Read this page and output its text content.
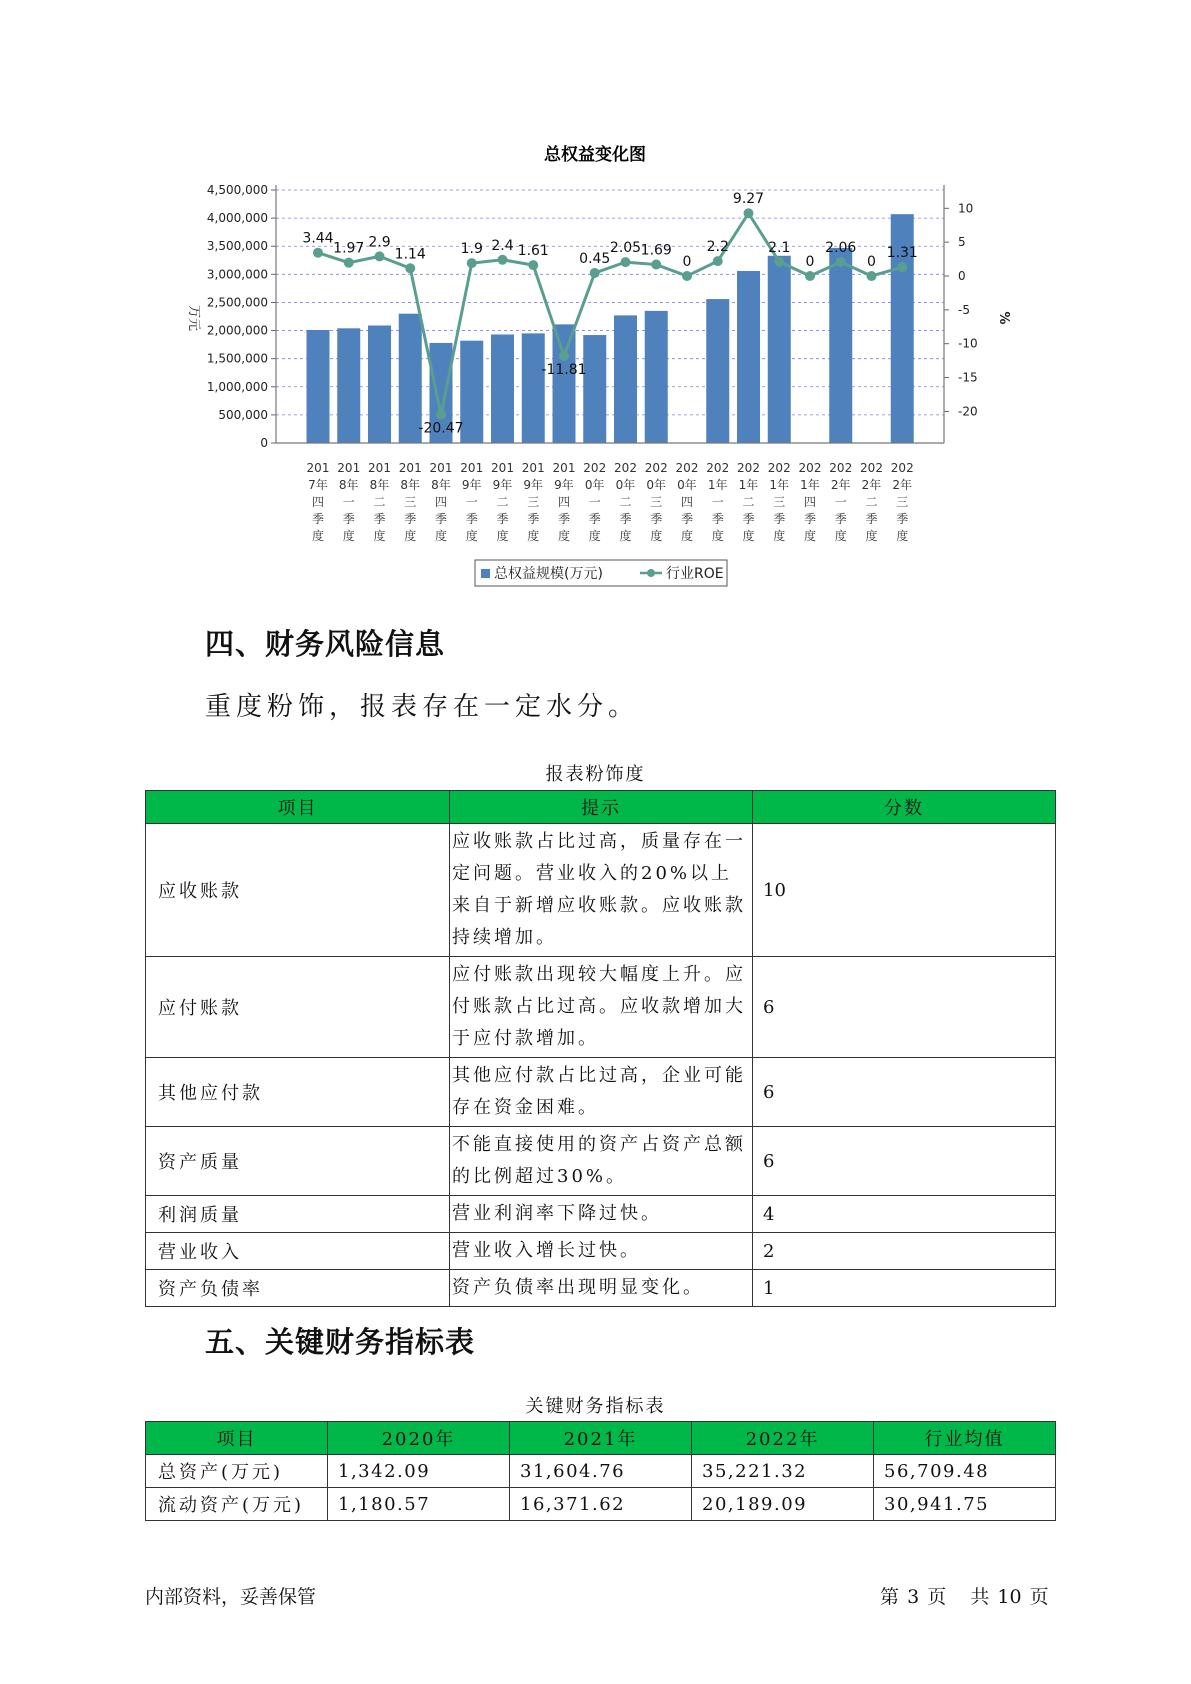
总权益变化图
4,500,000
4,000,000
3,500,000
3,000,000
2,500,000
2,000,000
1,500,000
1,000,000
500,000
0
10
5
0
-5
-10
-15
-20
万元	%
201 7年四季度
201 8年一季度
201 8年二季度
201 8年三季度
201 8年四季度
201 9年一季度
201 9年二季度
201 9年三季度
201 9年四季度
202 0年一季度
202 0年二季度
202 0年三季度
202 0年四季度
202 1年一季度
202 1年二季度
202 1年三季度
202 1年四季度
202 2年一季度
202 2年二季度
202 2年三季度
3.44
1.97 2.9
1.14
-20.47
1.9 2.4 1.61
-11.81
0.45
2.05 1.69
0
2.2
9.27
2.1
0
2.06
0
1.31
总权益规模(万元)	行业ROE
四、财务风险信息

重度粉饰，报表存在一定水分。

报表粉饰度
项目	提示	分数
应收账款	应收账款占比过高，质量存在一定问题。营业收入的20%以上来自于新增应收账款。应收账款持续增加。	10
应付账款	应付账款出现较大幅度上升。应付账款占比过高。应收款增加大于应付款增加。	6
其他应付款	其他应付款占比过高，企业可能存在资金困难。	6
资产质量	不能直接使用的资产占资产总额的比例超过30%。	6
利润质量	营业利润率下降过快。	4
营业收入	营业收入增长过快。	2
资产负债率	资产负债率出现明显变化。	1
五、关键财务指标表
关键财务指标表
项目	2020年	2021年	2022年	行业均值
总资产(万元)	1,342.09	31,604.76	35,221.32	56,709.48
流动资产(万元)	1,180.57	16,371.62	20,189.09	30,941.75
内部资料，妥善保管	第 3 页 共 10 页
